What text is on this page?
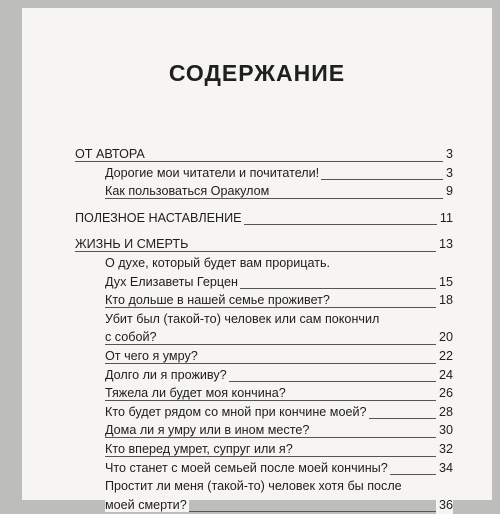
СОДЕРЖАНИЕ
ОТ АВТОРА	3
Дорогие мои читатели и почитатели!	3
Как пользоваться Оракулом	9
ПОЛЕЗНОЕ НАСТАВЛЕНИЕ	11
ЖИЗНЬ И СМЕРТЬ	13
О духе, который будет вам прорицать.
Дух Елизаветы Герцен	15
Кто дольше в нашей семье проживет?	18
Убит был (такой-то) человек или сам покончил
с собой?	20
От чего я умру?	22
Долго ли я проживу?	24
Тяжела ли будет моя кончина?	26
Кто будет рядом со мной при кончине моей?	28
Дома ли я умру или в ином месте?	30
Кто вперед умрет, супруг или я?	32
Что станет с моей семьей после моей кончины?	34
Простит ли меня (такой-то) человек хотя бы после
моей смерти?	36
